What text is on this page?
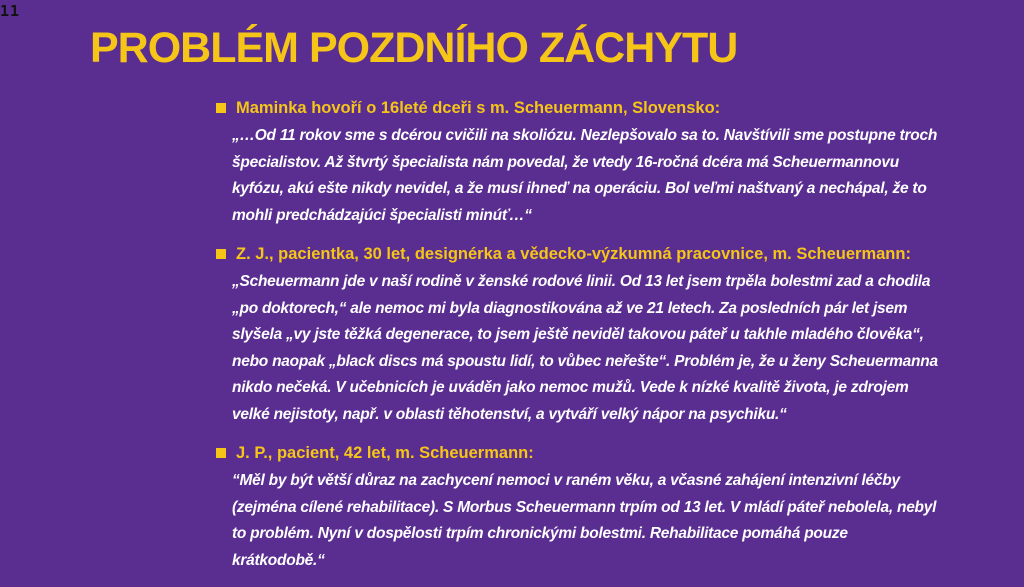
11
PROBLÉM POZDNÍHO ZÁCHYTU
Maminka hovoří o 16leté dceři s m. Scheuermann, Slovensko:
„…Od 11 rokov sme s dcérou cvičili na skoliózu. Nezlepšovalo sa to. Navštívili sme postupne troch špecialistov. Až štvrtý špecialista nám povedal, že vtedy 16-ročná dcéra má Scheuermannovu kyfózu, akú ešte nikdy nevidel, a že musí ihneď na operáciu. Bol veľmi naštvaný a nechápal, že to mohli predchádzajúci špecialisti minúť…“
Z. J., pacientka, 30 let, designérka a vědecko-výzkumná pracovnice, m. Scheuermann:
„Scheuermann jde v naší rodině v ženské rodové linii. Od 13 let jsem trpěla bolestmi zad a chodila „po doktorech,“ ale nemoc mi byla diagnostikována až ve 21 letech. Za posledních pár let jsem slyšela „vy jste těžká degenerace, to jsem ještě neviděl takovou páteř u takhle mladého člověka“, nebo naopak „black discs má spoustu lidí, to vůbec neřešte“. Problém je, že u ženy Scheuermanna nikdo nečeká. V učebnicích je uváděn jako nemoc mužů. Vede k nízké kvalitě života, je zdrojem velké nejistoty, např. v oblasti těhotenství, a vytváří velký nápor na psychiku.“
J. P., pacient, 42 let, m. Scheuermann:
“Měl by být větší důraz na zachycení nemoci v raném věku, a včasné zahájení intenzivní léčby (zejména cílené rehabilitace). S Morbus Scheuermann trpím od 13 let. V mládí páteř nebolela, nebyl to problém. Nyní v dospělosti trpím chronickými bolestmi. Rehabilitace pomáhá pouze krátkodobě.“
